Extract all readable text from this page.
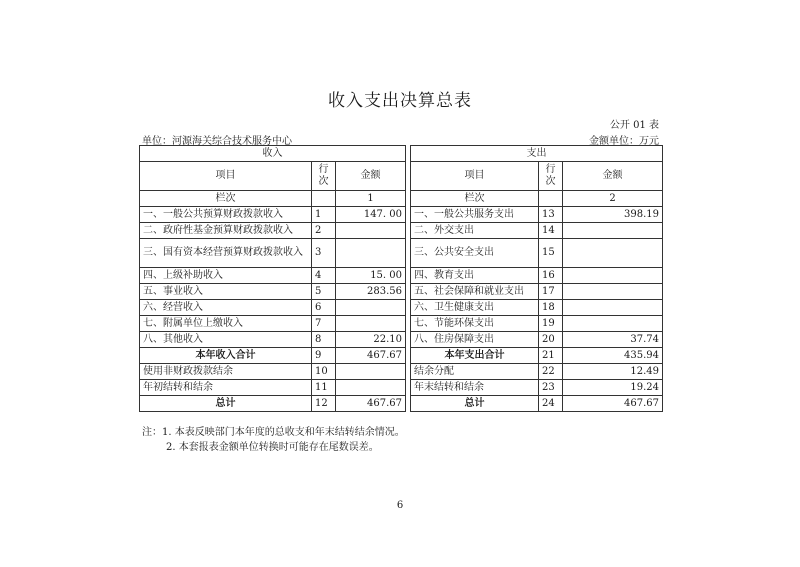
收入支出决算总表
公开 01 表
单位：河源海关综合技术服务中心	金额单位：万元
收入				支出		
项目	行次	金额		项目	行次	金额
栏次		1		栏次		2
一、一般公共预算财政拨款收入	1	147. 00		一、一般公共服务支出	13	398.19
二、政府性基金预算财政拨款收入	2			二、外交支出	14	
三、国有资本经营预算财政拨款收入	3			三、公共安全支出	15	
四、上级补助收入	4	15. 00		四、教育支出	16	
五、事业收入	5	283.56		五、社会保障和就业支出	17	
六、经营收入	6			六、卫生健康支出	18	
七、附属单位上缴收入	7			七、节能环保支出	19	
八、其他收入	8	22.10		八、住房保障支出	20	37.74
本年收入合计	9	467.67		本年支出合计	21	435.94
使用非财政拨款结余	10			结余分配	22	12.49
年初结转和结余	11			年末结转和结余	23	19.24
总计	12	467.67		总计	24	467.67
注：1. 本表反映部门本年度的总收支和年末结转结余情况。
2. 本套报表金额单位转换时可能存在尾数误差。
6
